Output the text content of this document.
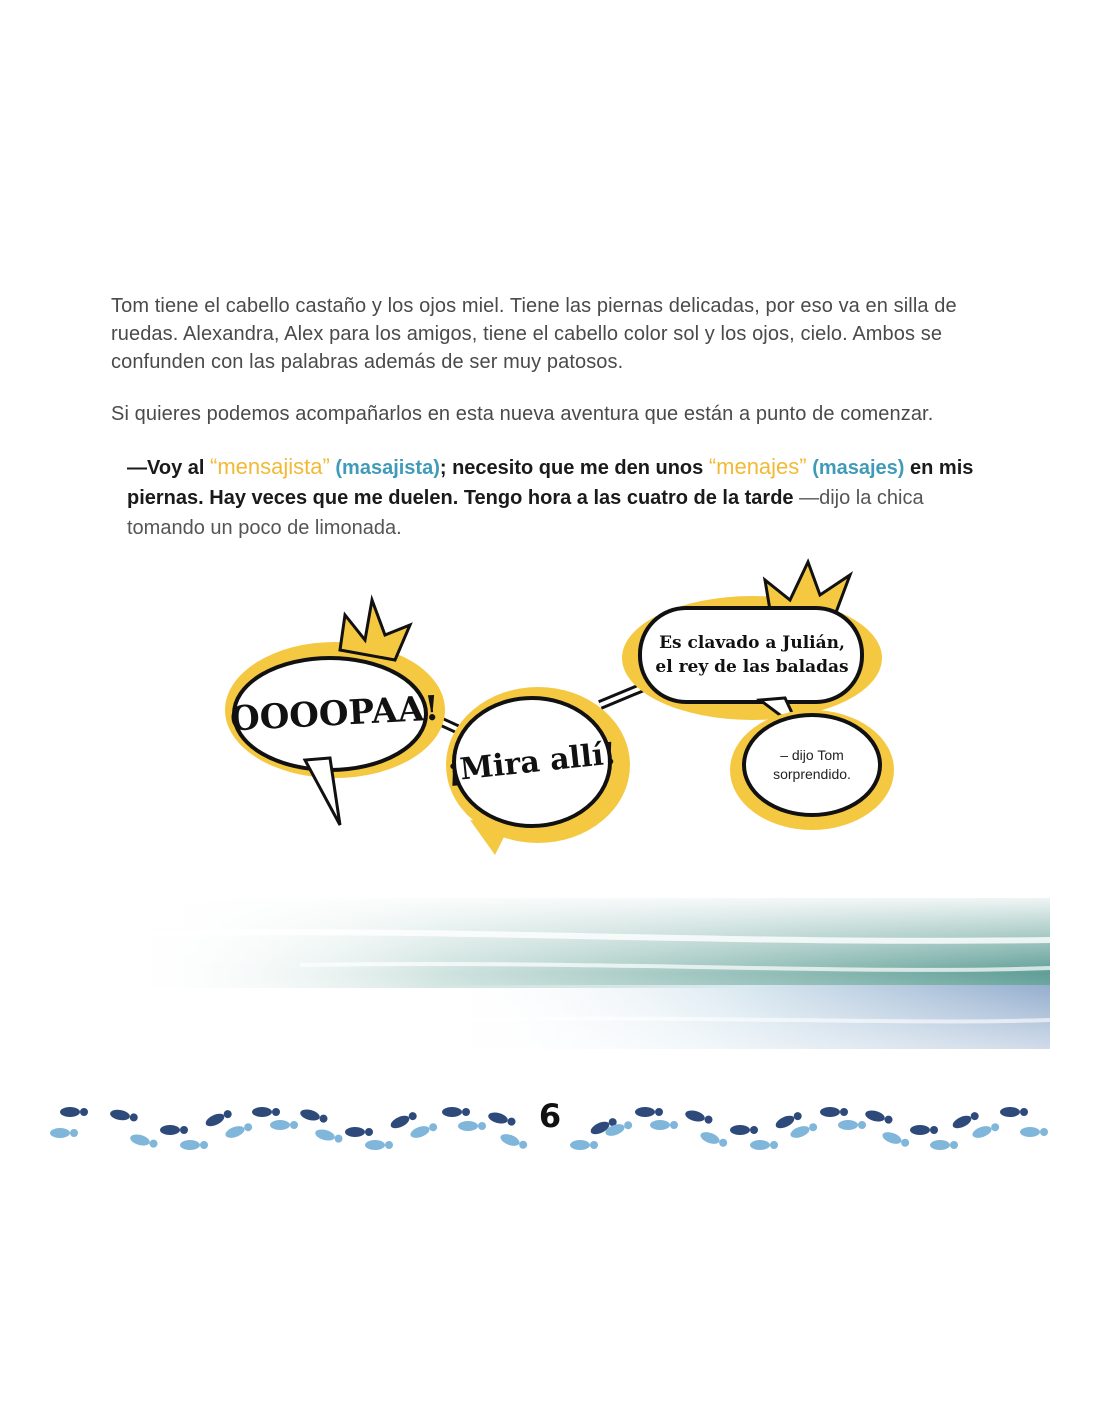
Tom tiene el cabello castaño y los ojos miel. Tiene las piernas delicadas, por eso va en silla de ruedas. Alexandra, Alex para los amigos, tiene el cabello color sol y los ojos, cielo. Ambos se confunden con las palabras además de ser muy patosos.

Si quieres podemos acompañarlos en esta nueva aventura que están a punto de comenzar.

—Voy al “mensajista” (masajista); necesito que me den unos “menajes” (masajes) en mis piernas. Hay veces que me duelen. Tengo hora a las cuatro de la tarde —dijo la chica tomando un poco de limonada.

OOOOPAA!
¡Mira allí!
Es clavado a Julián,
el rey de las baladas
– dijo Tom
sorprendido.
6
